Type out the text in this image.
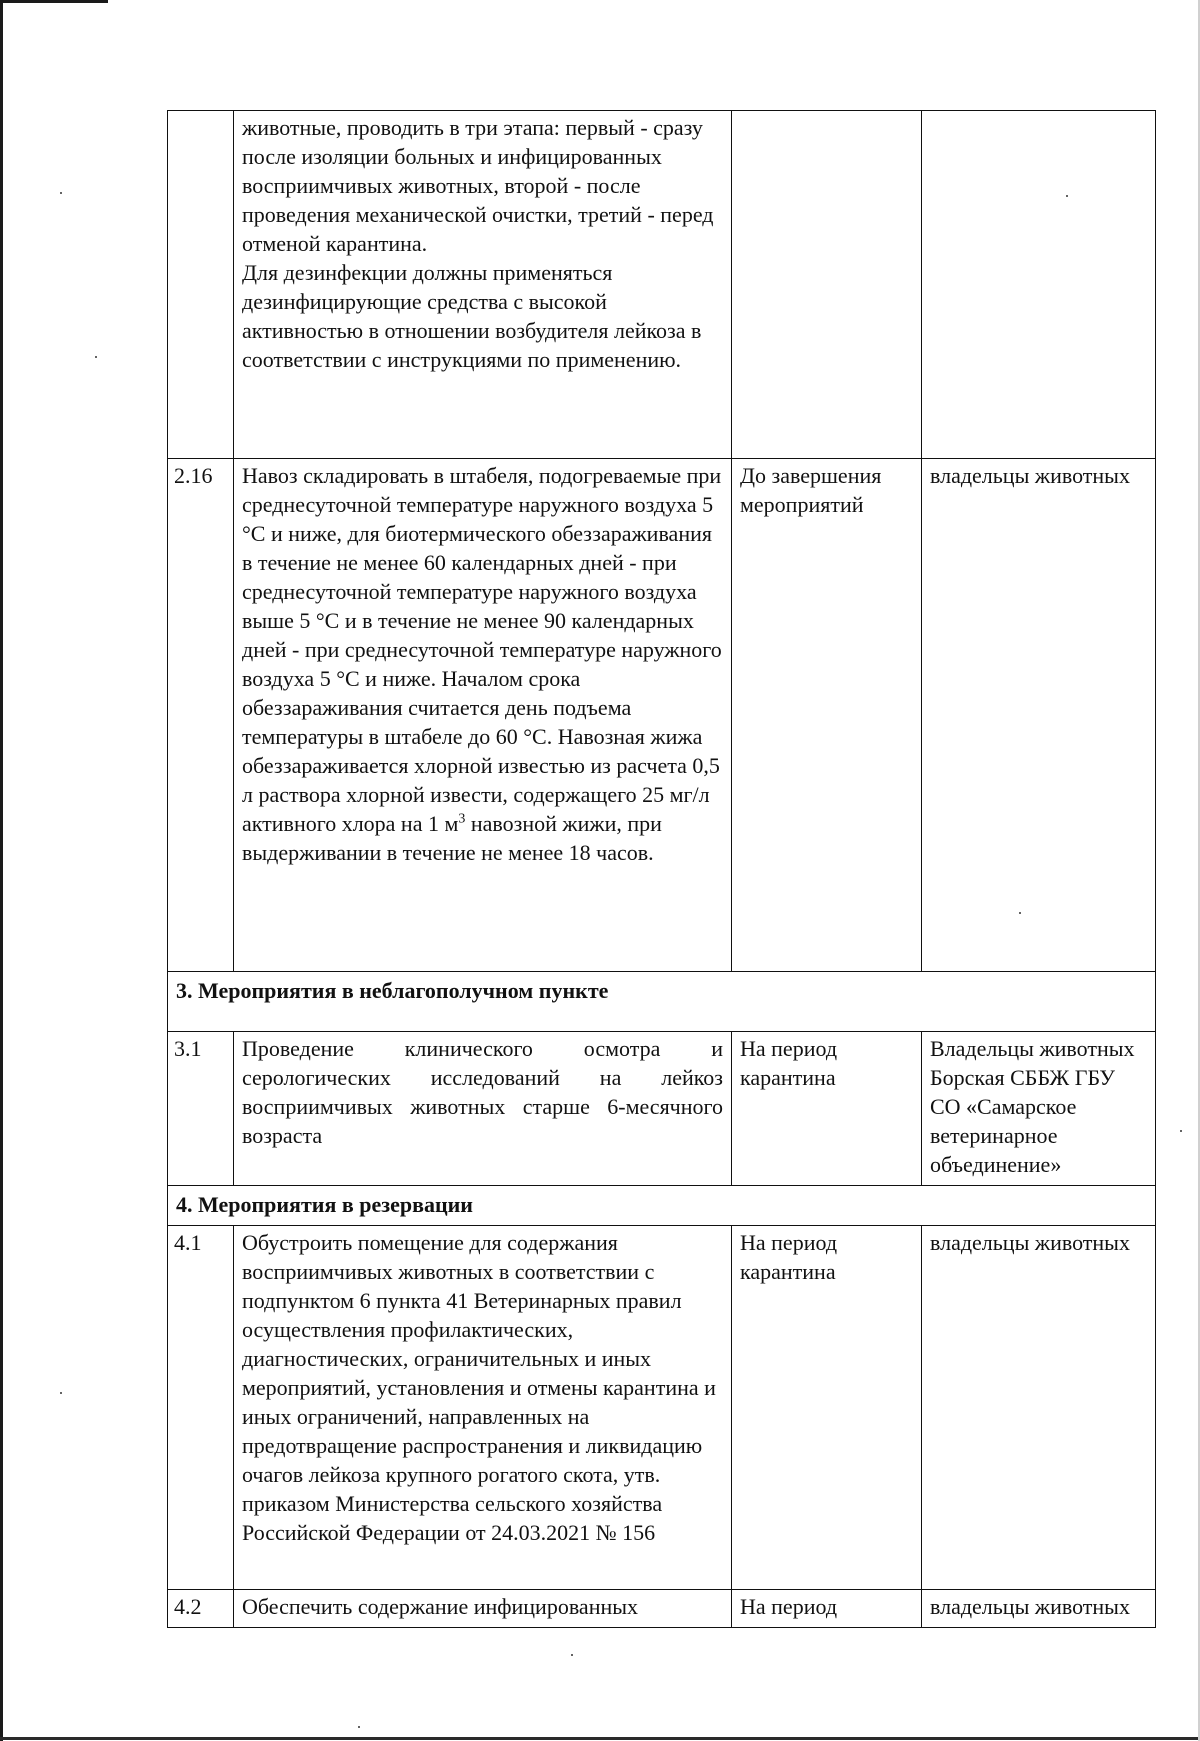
	животные, проводить в три этапа: первый - сразу после изоляции больных и инфицированных восприимчивых животных, второй - после проведения механической очистки, третий - перед отменой карантина.
Для дезинфекции должны применяться дезинфицирующие средства с высокой активностью в отношении возбудителя лейкоза в соответствии с инструкциями по применению.		
2.16	Навоз складировать в штабеля, подогреваемые при среднесуточной температуре наружного воздуха 5 °С и ниже, для биотермического обеззараживания в течение не менее 60 календарных дней - при среднесуточной температуре наружного воздуха выше 5 °С и в течение не менее 90 календарных дней - при среднесуточной температуре наружного воздуха 5 °С и ниже. Началом срока обеззараживания считается день подъема температуры в штабеле до 60 °С. Навозная жижа обеззараживается хлорной известью из расчета 0,5 л раствора хлорной извести, содержащего 25 мг/л активного хлора на 1 $м^3$ навозной жижи, при выдерживании в течение не менее 18 часов.	До завершения мероприятий	владельцы животных
3. Мероприятия в неблагополучном пункте			
3.1	Проведение клинического осмотра и серологических исследований на лейкоз восприимчивых животных старше 6-месячного возраста	На период карантина	Владельцы животных Борская СББЖ ГБУ СО «Самарское ветеринарное объединение»
4. Мероприятия в резервации			
4.1	Обустроить помещение для содержания восприимчивых животных в соответствии с подпунктом 6 пункта 41 Ветеринарных правил осуществления профилактических, диагностических, ограничительных и иных мероприятий, установления и отмены карантина и иных ограничений, направленных на предотвращение распространения и ликвидацию очагов лейкоза крупного рогатого скота, утв. приказом Министерства сельского хозяйства Российской Федерации от 24.03.2021 № 156	На период карантина	владельцы животных
4.2	Обеспечить содержание инфицированных	На период	владельцы животных
